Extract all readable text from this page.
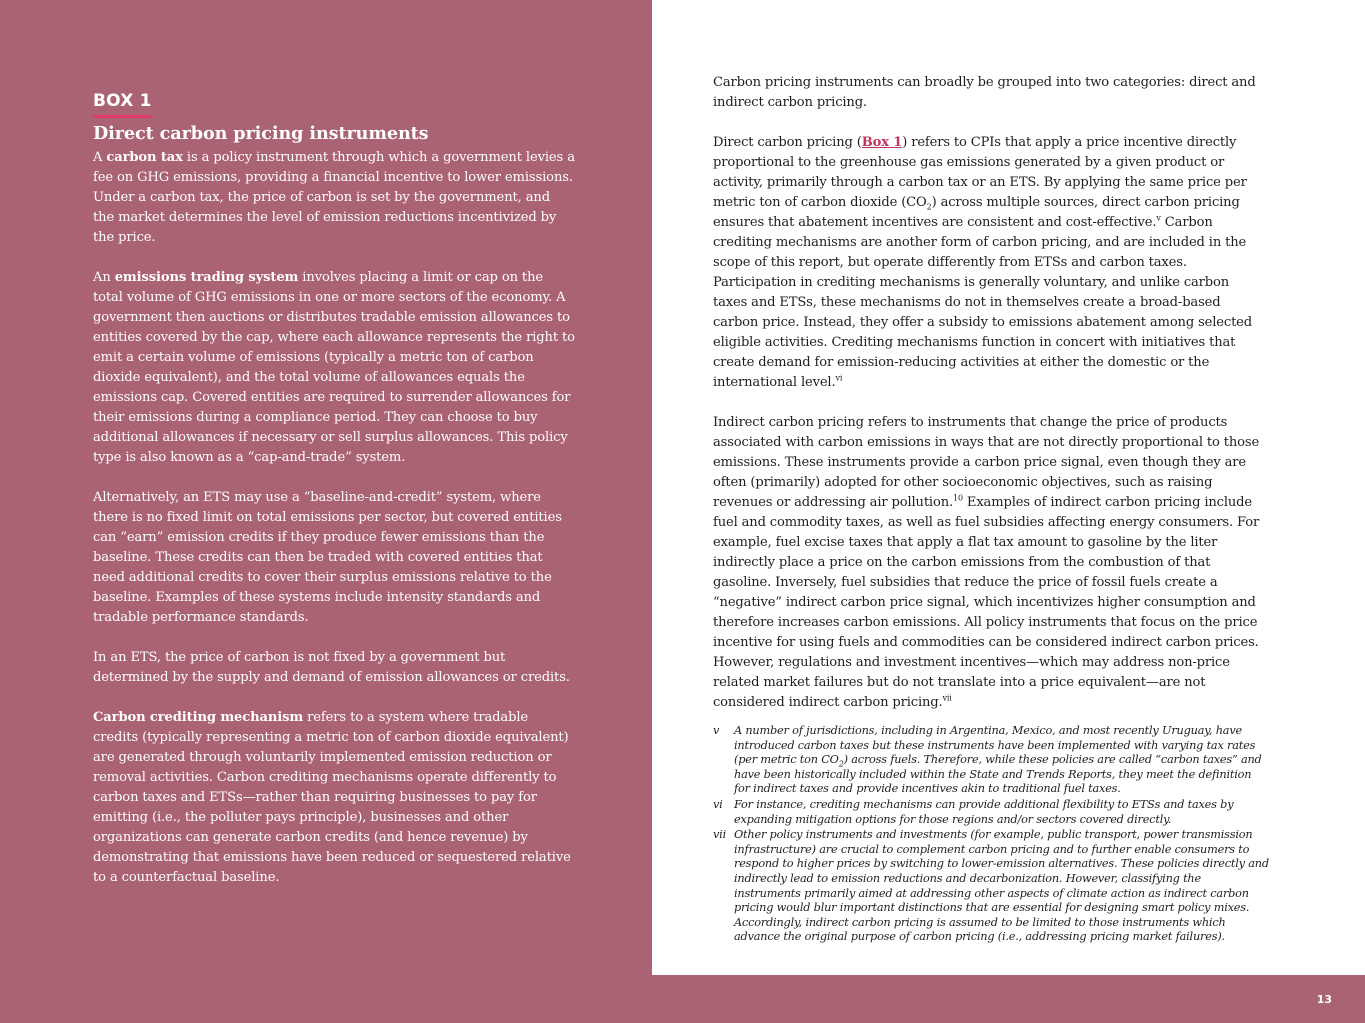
BOX 1
Direct carbon pricing instruments

A carbon tax is a policy instrument through which a government levies a fee on GHG emissions, providing a financial incentive to lower emissions. Under a carbon tax, the price of carbon is set by the government, and the market determines the level of emission reductions incentivized by the price.

An emissions trading system involves placing a limit or cap on the total volume of GHG emissions in one or more sectors of the economy. A government then auctions or distributes tradable emission allowances to entities covered by the cap, where each allowance represents the right to emit a certain volume of emissions (typically a metric ton of carbon dioxide equivalent), and the total volume of allowances equals the emissions cap. Covered entities are required to surrender allowances for their emissions during a compliance period. They can choose to buy additional allowances if necessary or sell surplus allowances. This policy type is also known as a “cap-and-trade” system.

Alternatively, an ETS may use a “baseline-and-credit” system, where there is no fixed limit on total emissions per sector, but covered entities can “earn” emission credits if they produce fewer emissions than the baseline. These credits can then be traded with covered entities that need additional credits to cover their surplus emissions relative to the baseline. Examples of these systems include intensity standards and tradable performance standards.

In an ETS, the price of carbon is not fixed by a government but determined by the supply and demand of emission allowances or credits.

Carbon crediting mechanism refers to a system where tradable credits (typically representing a metric ton of carbon dioxide equivalent) are generated through voluntarily implemented emission reduction or removal activities. Carbon crediting mechanisms operate differently to carbon taxes and ETSs—rather than requiring businesses to pay for emitting (i.e., the polluter pays principle), businesses and other organizations can generate carbon credits (and hence revenue) by demonstrating that emissions have been reduced or sequestered relative to a counterfactual baseline.

Carbon pricing instruments can broadly be grouped into two categories: direct and indirect carbon pricing.

Direct carbon pricing (Box 1) refers to CPIs that apply a price incentive directly proportional to the greenhouse gas emissions generated by a given product or activity, primarily through a carbon tax or an ETS. By applying the same price per metric ton of carbon dioxide $(CO_2)$ across multiple sources, direct carbon pricing ensures that abatement incentives are consistent and cost-effective.$^v$ Carbon crediting mechanisms are another form of carbon pricing, and are included in the scope of this report, but operate differently from ETSs and carbon taxes. Participation in crediting mechanisms is generally voluntary, and unlike carbon taxes and ETSs, these mechanisms do not in themselves create a broad-based carbon price. Instead, they offer a subsidy to emissions abatement among selected eligible activities. Crediting mechanisms function in concert with initiatives that create demand for emission-reducing activities at either the domestic or the international level.$^{vi}$

Indirect carbon pricing refers to instruments that change the price of products associated with carbon emissions in ways that are not directly proportional to those emissions. These instruments provide a carbon price signal, even though they are often (primarily) adopted for other socioeconomic objectives, such as raising revenues or addressing air pollution.$^{10}$ Examples of indirect carbon pricing include fuel and commodity taxes, as well as fuel subsidies affecting energy consumers. For example, fuel excise taxes that apply a flat tax amount to gasoline by the liter indirectly place a price on the carbon emissions from the combustion of that gasoline. Inversely, fuel subsidies that reduce the price of fossil fuels create a “negative” indirect carbon price signal, which incentivizes higher consumption and therefore increases carbon emissions. All policy instruments that focus on the price incentive for using fuels and commodities can be considered indirect carbon prices. However, regulations and investment incentives—which may address non-price related market failures but do not translate into a price equivalent—are not considered indirect carbon pricing.$^{vii}$

v	A number of jurisdictions, including in Argentina, Mexico, and most recently Uruguay, have introduced carbon taxes but these instruments have been implemented with varying tax rates (per metric ton $CO_2$) across fuels. Therefore, while these policies are called “carbon taxes” and have been historically included within the State and Trends Reports, they meet the definition for indirect taxes and provide incentives akin to traditional fuel taxes.
vi	For instance, crediting mechanisms can provide additional flexibility to ETSs and taxes by expanding mitigation options for those regions and/or sectors covered directly.
vii Other policy instruments and investments (for example, public transport, power transmission infrastructure) are crucial to complement carbon pricing and to further enable consumers to respond to higher prices by switching to lower-emission alternatives. These policies directly and indirectly lead to emission reductions and decarbonization. However, classifying the instruments primarily aimed at addressing other aspects of climate action as indirect carbon pricing would blur important distinctions that are essential for designing smart policy mixes. Accordingly, indirect carbon pricing is assumed to be limited to those instruments which advance the original purpose of carbon pricing (i.e., addressing pricing market failures).
13
